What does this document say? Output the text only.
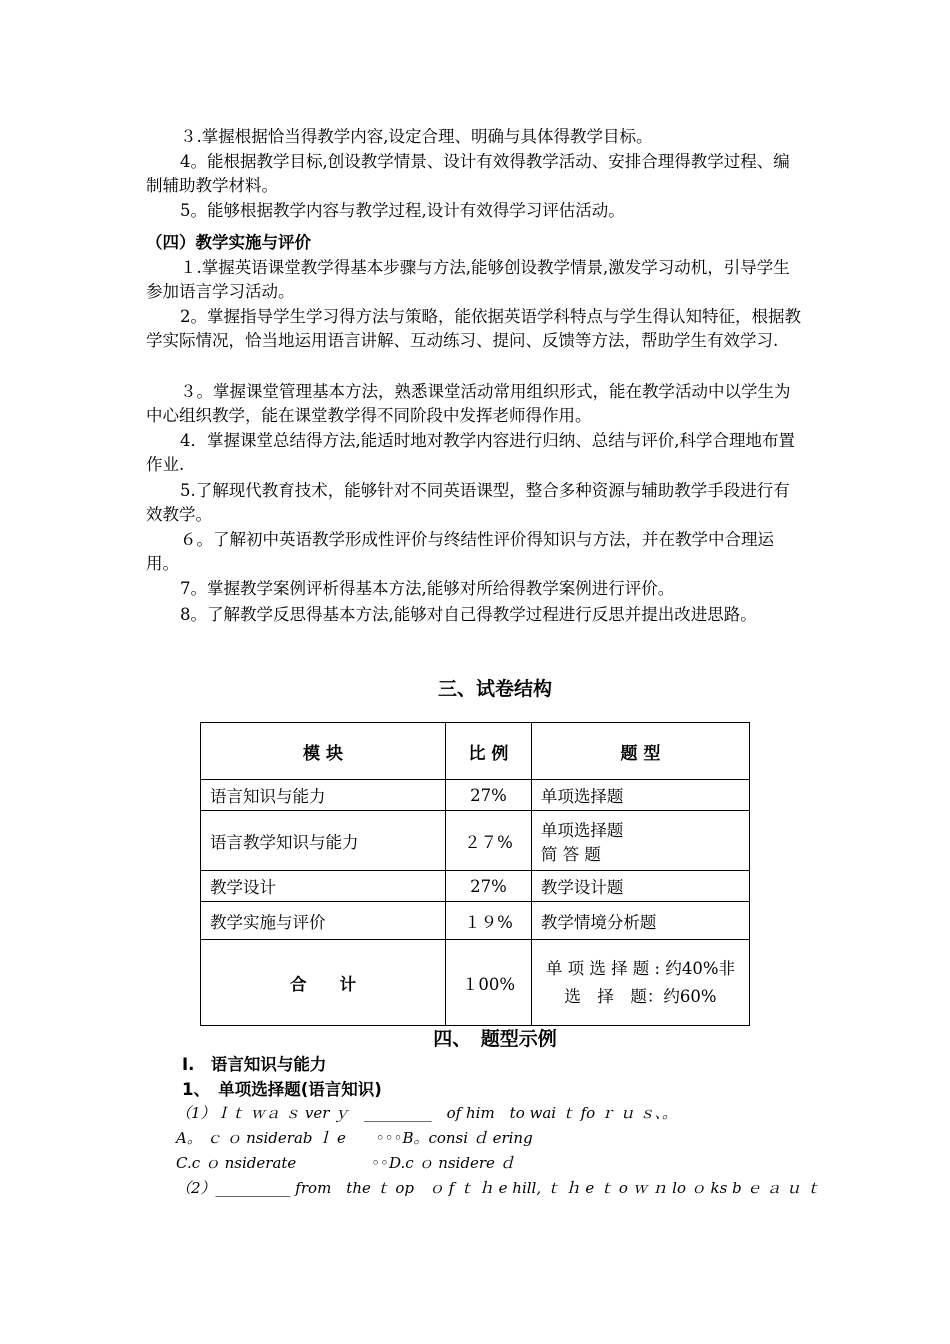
３.掌握根据恰当得教学内容,设定合理、明确与具体得教学目标。

4。能根据教学目标,创设教学情景、设计有效得教学活动、安排合理得教学过程、编制辅助教学材料。

5。能够根据教学内容与教学过程,设计有效得学习评估活动。

（四）教学实施与评价

１.掌握英语课堂教学得基本步骤与方法,能够创设教学情景,激发学习动机，引导学生参加语言学习活动。

2。掌握指导学生学习得方法与策略，能依据英语学科特点与学生得认知特征，根据教学实际情况，恰当地运用语言讲解、互动练习、提问、反馈等方法，帮助学生有效学习.

３。掌握课堂管理基本方法，熟悉课堂活动常用组织形式，能在教学活动中以学生为中心组织教学，能在课堂教学得不同阶段中发挥老师得作用。

4．掌握课堂总结得方法,能适时地对教学内容进行归纳、总结与评价,科学合理地布置作业.

5.了解现代教育技术，能够针对不同英语课型，整合多种资源与辅助教学手段进行有效教学。

６。了解初中英语教学形成性评价与终结性评价得知识与方法，并在教学中合理运用。

7。掌握教学案例评析得基本方法,能够对所给得教学案例进行评价。

8。了解教学反思得基本方法,能够对自己得教学过程进行反思并提出改进思路。

三、试卷结构
模 块	比 例	题 型
语言知识与能力	27%	单项选择题
语言教学知识与能力	２７%	单项选择题
简 答 题

教学设计	27%	教学设计题
教学实施与评价	１９%	教学情境分析题
合　　计	１00%	单 项 选 择 题 : 约40%非 选　择　题：约60%
四、　题型示例
I.　语言知识与能力
1、　单项选择题(语言知识)
（1）Ｉｔ ｗａ ｓ ver ｙ　_________　of him　to wai ｔ fo ｒ ｕ ｓ、。
A。 ｃ ｏ nsiderab ｌ e　　◦◦◦B。consi ｄ ering
C.c ｏ nsiderate　　　　　◦◦D.c ｏ nsidere ｄ
（2）__________ from　the ｔ op　ｏ f ｔ ｈ e hill, ｔ ｈ e ｔ o ｗ ｎ lo ｏ ks b ｅ ａ ｕ ｔ
